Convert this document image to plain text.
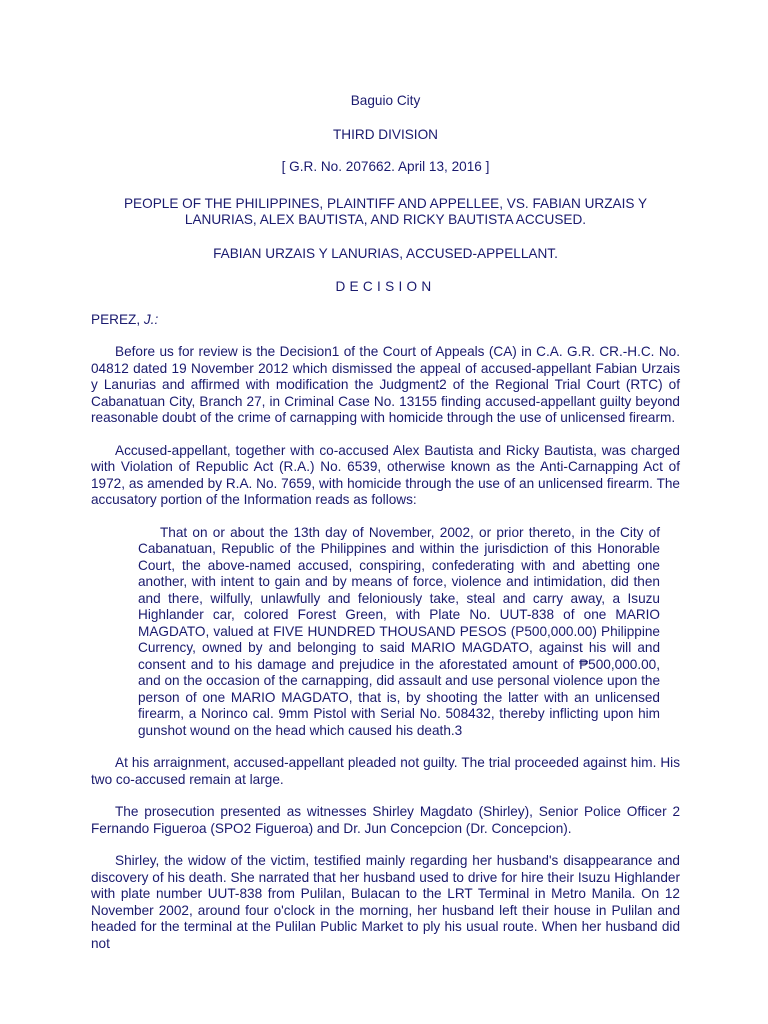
Baguio City

THIRD DIVISION

[ G.R. No. 207662. April 13, 2016 ]

PEOPLE OF THE PHILIPPINES, PLAINTIFF AND APPELLEE, VS. FABIAN URZAIS Y LANURIAS, ALEX BAUTISTA, AND RICKY BAUTISTA ACCUSED.

FABIAN URZAIS Y LANURIAS, ACCUSED-APPELLANT.

DECISION

PEREZ, J.:

Before us for review is the Decision1 of the Court of Appeals (CA) in C.A. G.R. CR.-H.C. No. 04812 dated 19 November 2012 which dismissed the appeal of accused-appellant Fabian Urzais y Lanurias and affirmed with modification the Judgment2 of the Regional Trial Court (RTC) of Cabanatuan City, Branch 27, in Criminal Case No. 13155 finding accused-appellant guilty beyond reasonable doubt of the crime of carnapping with homicide through the use of unlicensed firearm.

Accused-appellant, together with co-accused Alex Bautista and Ricky Bautista, was charged with Violation of Republic Act (R.A.) No. 6539, otherwise known as the Anti-Carnapping Act of 1972, as amended by R.A. No. 7659, with homicide through the use of an unlicensed firearm. The accusatory portion of the Information reads as follows:

That on or about the 13th day of November, 2002, or prior thereto, in the City of Cabanatuan, Republic of the Philippines and within the jurisdiction of this Honorable Court, the above-named accused, conspiring, confederating with and abetting one another, with intent to gain and by means of force, violence and intimidation, did then and there, wilfully, unlawfully and feloniously take, steal and carry away, a Isuzu Highlander car, colored Forest Green, with Plate No. UUT-838 of one MARIO MAGDATO, valued at FIVE HUNDRED THOUSAND PESOS (P500,000.00) Philippine Currency, owned by and belonging to said MARIO MAGDATO, against his will and consent and to his damage and prejudice in the aforestated amount of ₱500,000.00, and on the occasion of the carnapping, did assault and use personal violence upon the person of one MARIO MAGDATO, that is, by shooting the latter with an unlicensed firearm, a Norinco cal. 9mm Pistol with Serial No. 508432, thereby inflicting upon him gunshot wound on the head which caused his death.3

At his arraignment, accused-appellant pleaded not guilty. The trial proceeded against him. His two co-accused remain at large.

The prosecution presented as witnesses Shirley Magdato (Shirley), Senior Police Officer 2 Fernando Figueroa (SPO2 Figueroa) and Dr. Jun Concepcion (Dr. Concepcion).

Shirley, the widow of the victim, testified mainly regarding her husband's disappearance and discovery of his death. She narrated that her husband used to drive for hire their Isuzu Highlander with plate number UUT-838 from Pulilan, Bulacan to the LRT Terminal in Metro Manila. On 12 November 2002, around four o'clock in the morning, her husband left their house in Pulilan and headed for the terminal at the Pulilan Public Market to ply his usual route. When her husband did not
